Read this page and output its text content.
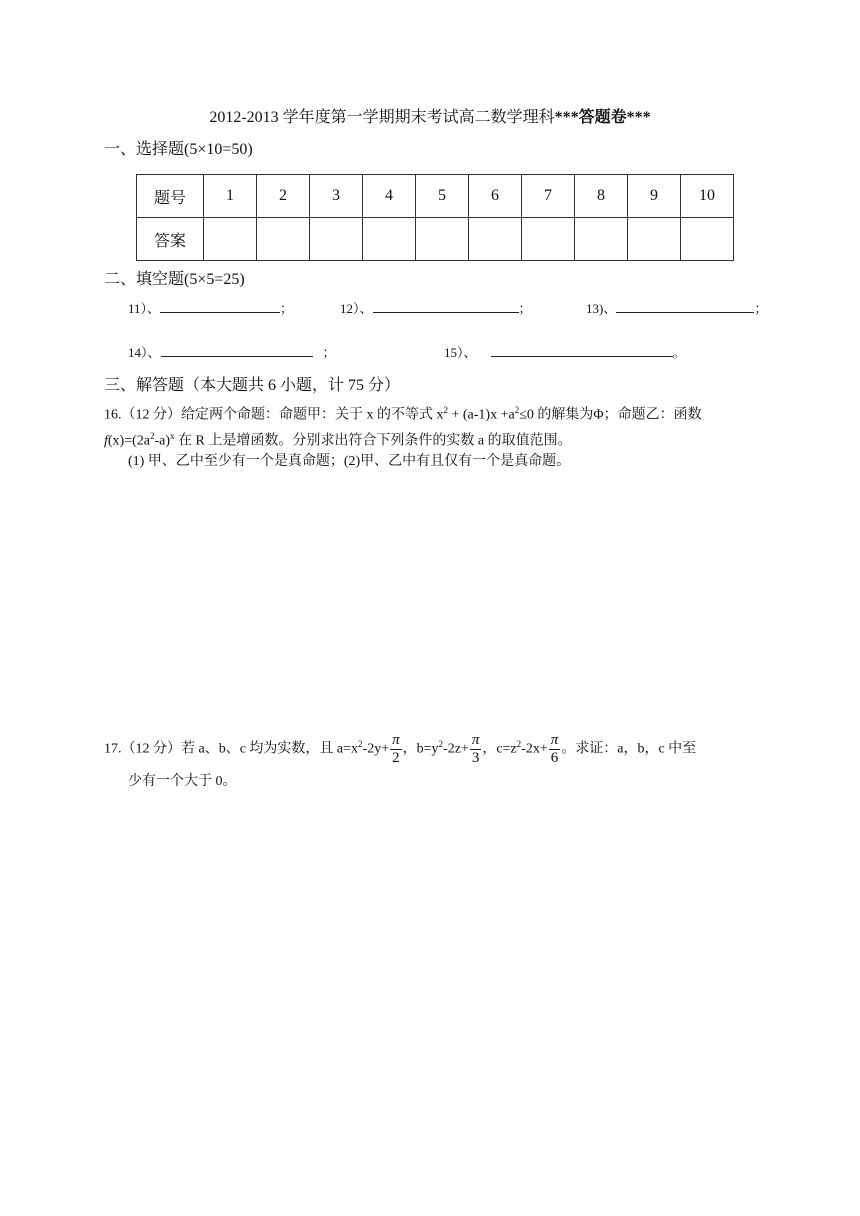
2012-2013 学年度第一学期期末考试高二数学理科***答题卷***
一、选择题(5×10=50)
题号	1	2	3	4	5	6	7	8	9	10
答案										
二、填空题(5×5=25)
11）、	；	12）、	；	13)、	；
14）、	；	15）、	。
三、解答题（本大题共 6 小题，计 75 分）
16.（12 分）给定两个命题：命题甲：关于 x 的不等式 $x^2 + (a-1)x +a^2\le 0$ 的解集为Φ；命题乙：函数
$f(x)=(2a^2-a)^x$ 在 R 上是增函数。分别求出符合下列条件的实数 a 的取值范围。
(1) 甲、乙中至少有一个是真命题；(2)甲、乙中有且仅有一个是真命题。
17.（12 分）若 a、b、c 均为实数，且 $a=x^2-2y+ \frac{\pi}{2}$ ，$b=y^2-2z+ \frac{\pi}{3}$ ，$c=z^2-2x+ \frac{\pi}{6}$ 。求证：a，b，c 中至
少有一个大于 0。
